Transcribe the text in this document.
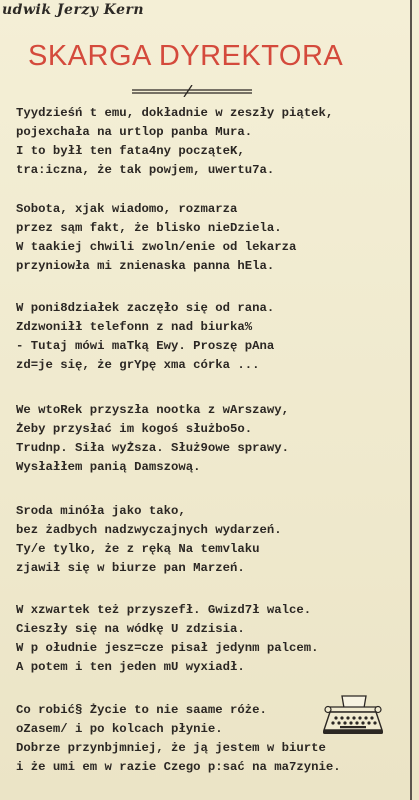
udwik Jerzy Kern
SKARGA DYREKTORA
Tyydzieśń t emu, dokładnie w zeszły piątek,
pojexchała na urtlop panba Mura.
I to byłł ten fata4ny począteK,
tra:iczna, że tak powjem, uwertu7a.
Sobota, xjak wiadomo, rozmarza
przez sąm fakt, że blisko nieDziela.
W taakiej chwili zwoln/enie od lekarza
przyniowła mi znienaska panna hEla.
W poni8działek zaczęło się od rana.
Zdzwoniłł telefonn z nad biurka%
- Tutaj mówi maTką Ewy. Proszę pAna
zd=je się, że grYpę xma córka ...
We wtoRek przyszła nootka z wArszawy,
Żeby przysłać im kogoś służbo5o.
Trudnp. Siła wyŻsza. Służ9owe sprawy.
Wysłałłem panią Damszową.
Sroda minóła jako tako,
bez żadbych nadzwyczajnych wydarzeń.
Ty/e tylko, że z ręką Na temvlaku
zjawił się w biurze pan Marzeń.
W xzwartek też przyszefł. Gwizd7ł walce.
Cieszły się na wódkę U zdzisia.
W p ołudnie jesz=cze pisał jedynm palcem.
A potem i ten jeden mU wyxiadł.
Co robić§ Życie to nie saame róże.
oZasem/ i po kolcach płynie.
Dobrze przynbjmniej, że ją jestem w biurte
i że umi em w razie Czego p:sać na ma7zynie.
